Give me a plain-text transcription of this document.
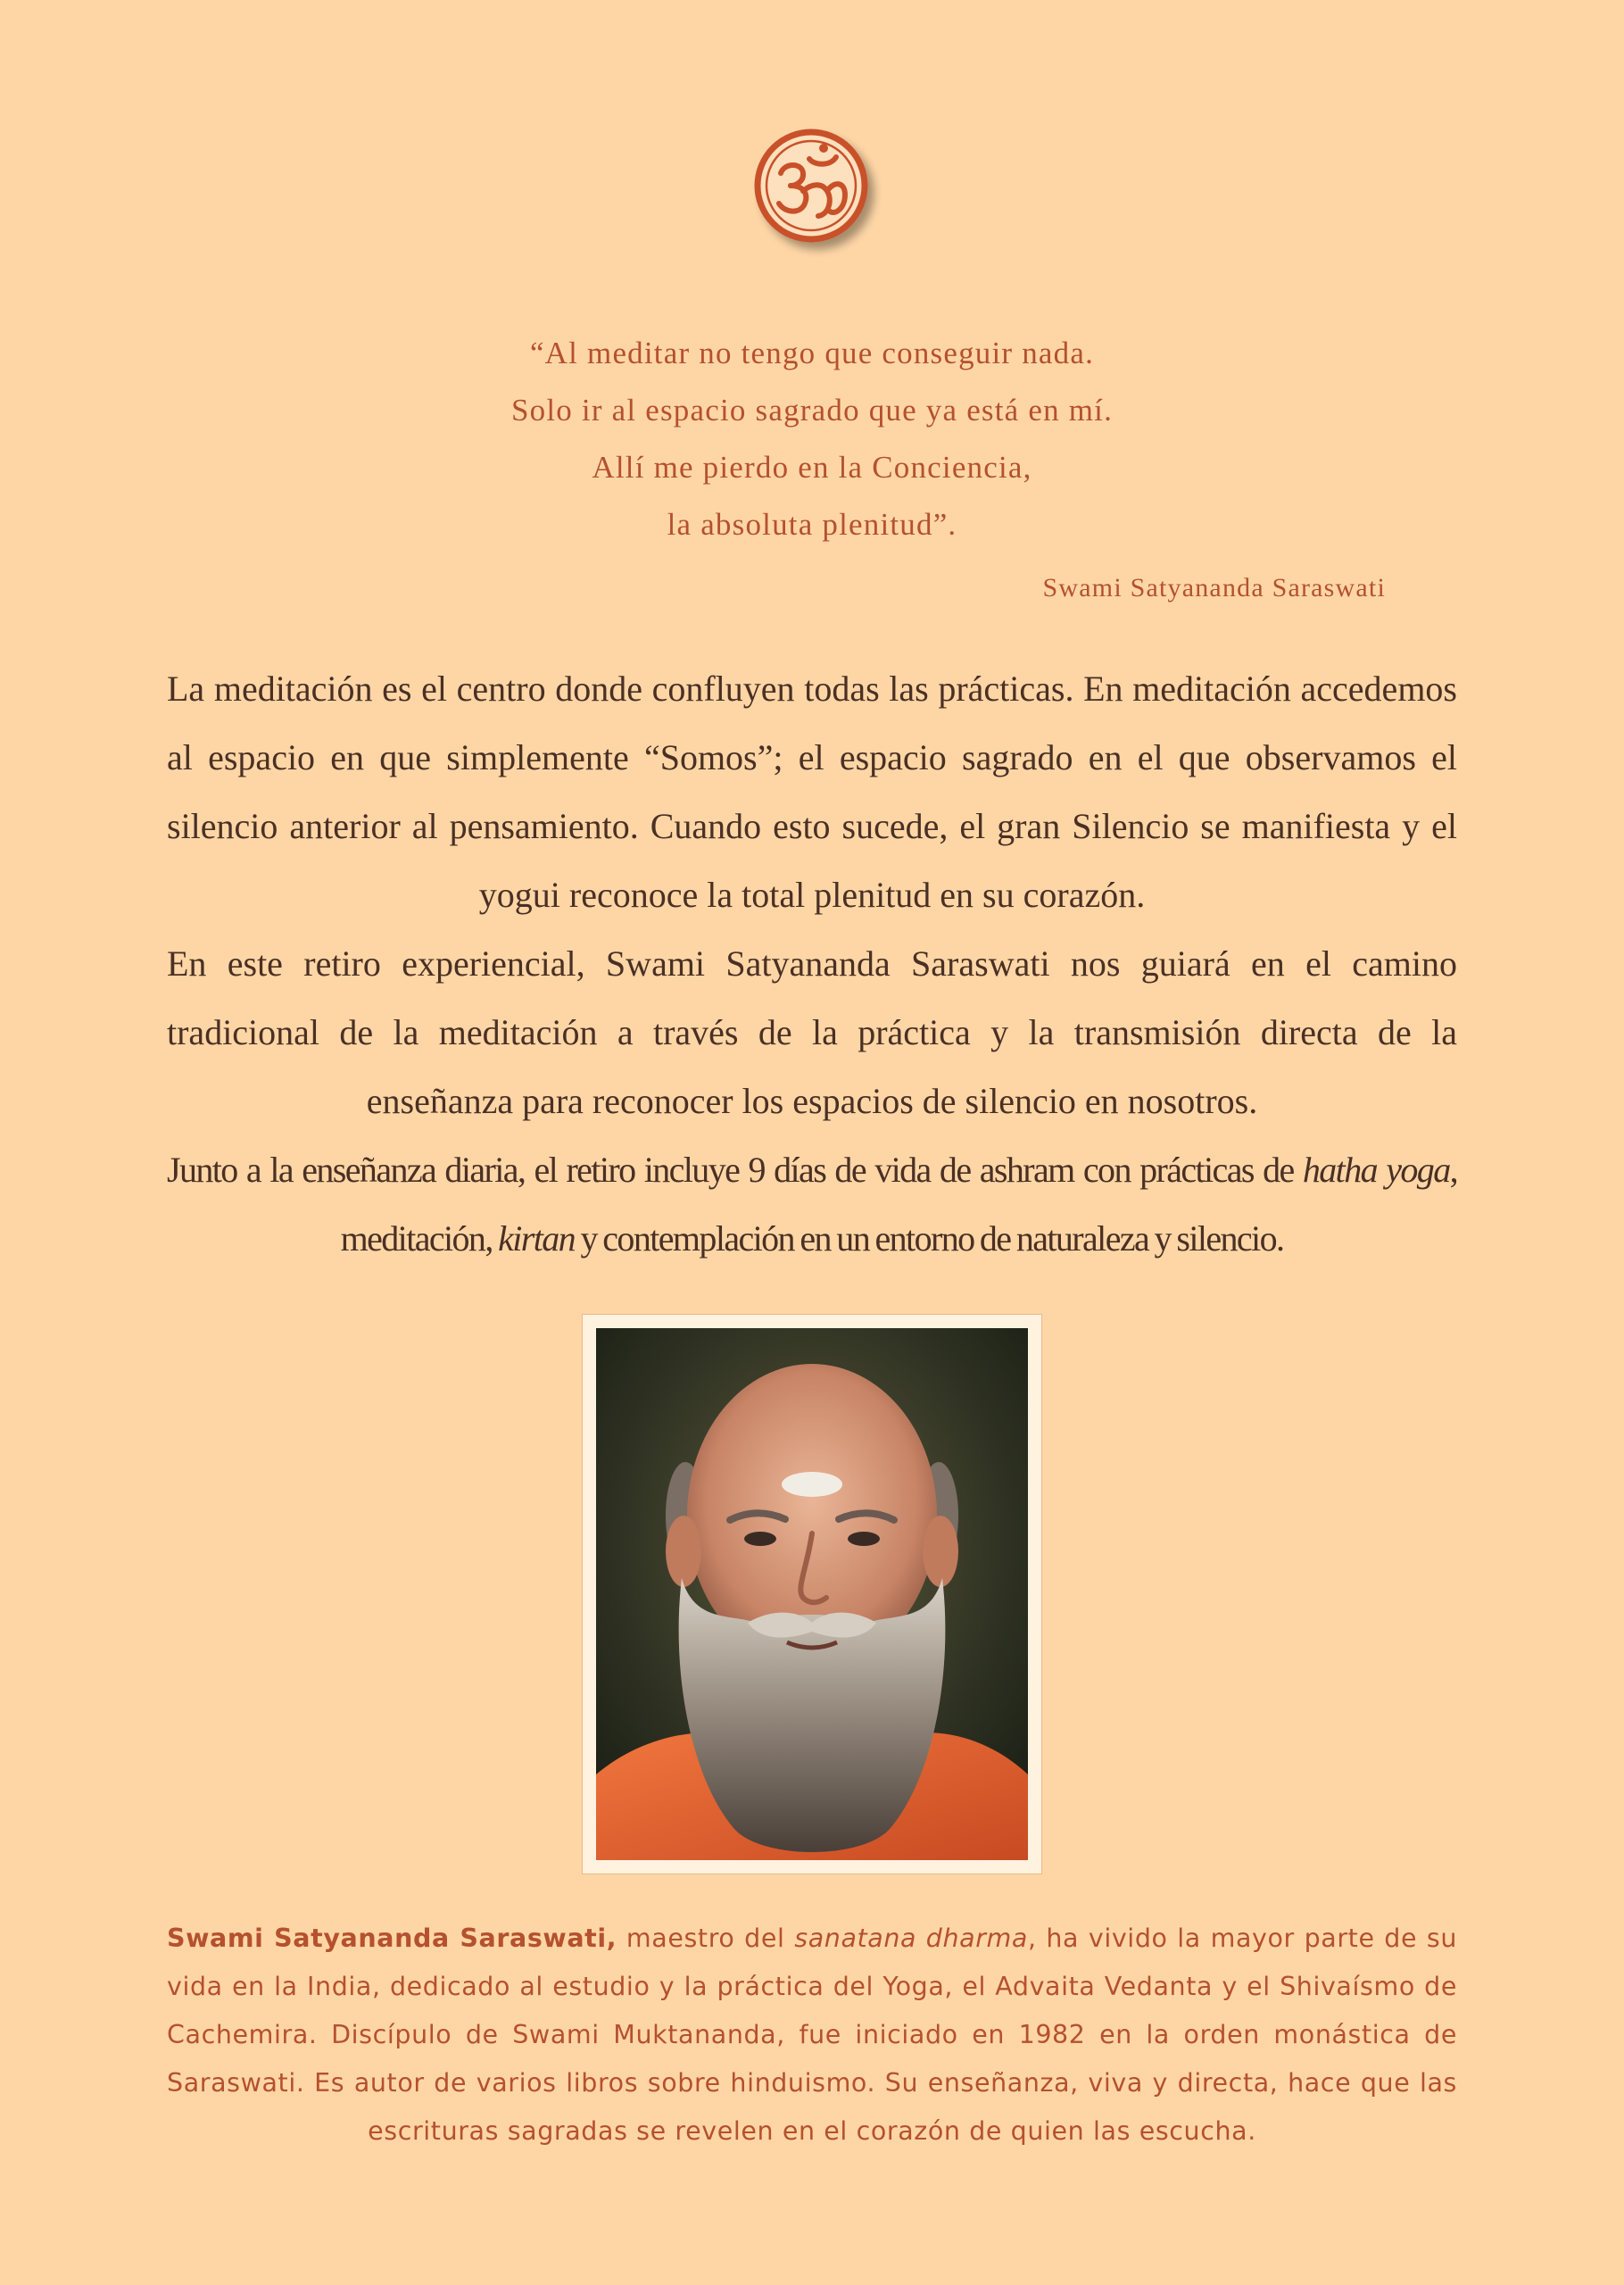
“Al meditar no tengo que conseguir nada.
Solo ir al espacio sagrado que ya está en mí.
Allí me pierdo en la Conciencia,
la absoluta plenitud”.
Swami Satyananda Saraswati

La meditación es el centro donde confluyen todas las prácticas. En meditación accedemos al espacio en que simplemente “Somos”; el espacio sagrado en el que observamos el silencio anterior al pensamiento. Cuando esto sucede, el gran Silencio se manifiesta y el yogui reconoce la total plenitud en su corazón.

En este retiro experiencial, Swami Satyananda Saraswati nos guiará en el camino tradicional de la meditación a través de la práctica y la transmisión directa de la enseñanza para reconocer los espacios de silencio en nosotros.

Junto a la enseñanza diaria, el retiro incluye 9 días de vida de ashram con prácticas de hatha yoga, meditación, kirtan y contemplación en un entorno de naturaleza y silencio.

Swami Satyananda Saraswati, maestro del sanatana dharma, ha vivido la mayor parte de su vida en la India, dedicado al estudio y la práctica del Yoga, el Advaita Vedanta y el Shivaísmo de Cachemira. Discípulo de Swami Muktananda, fue iniciado en 1982 en la orden monástica de Saraswati. Es autor de varios libros sobre hinduismo. Su enseñanza, viva y directa, hace que las escrituras sagradas se revelen en el corazón de quien las escucha.
